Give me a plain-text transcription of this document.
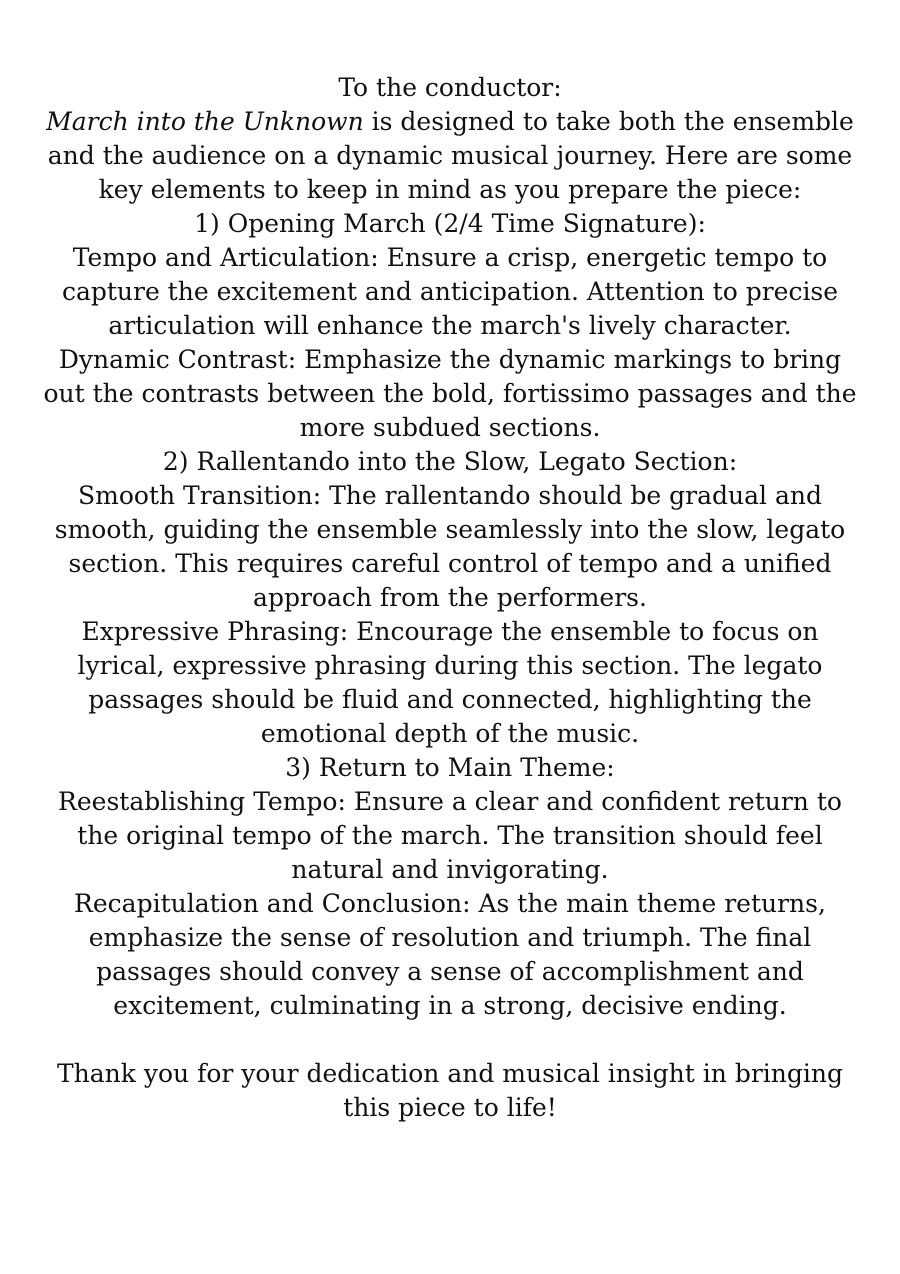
To the conductor:

March into the Unknown is designed to take both the ensemble and the audience on a dynamic musical journey. Here are some key elements to keep in mind as you prepare the piece:

1) Opening March (2/4 Time Signature):

Tempo and Articulation: Ensure a crisp, energetic tempo to capture the excitement and anticipation. Attention to precise articulation will enhance the march's lively character.

Dynamic Contrast: Emphasize the dynamic markings to bring out the contrasts between the bold, fortissimo passages and the more subdued sections.

2) Rallentando into the Slow, Legato Section:

Smooth Transition: The rallentando should be gradual and smooth, guiding the ensemble seamlessly into the slow, legato section. This requires careful control of tempo and a unified approach from the performers.

Expressive Phrasing: Encourage the ensemble to focus on lyrical, expressive phrasing during this section. The legato passages should be fluid and connected, highlighting the emotional depth of the music.

3) Return to Main Theme:

Reestablishing Tempo: Ensure a clear and confident return to the original tempo of the march. The transition should feel natural and invigorating.

Recapitulation and Conclusion: As the main theme returns, emphasize the sense of resolution and triumph. The final passages should convey a sense of accomplishment and excitement, culminating in a strong, decisive ending.

Thank you for your dedication and musical insight in bringing this piece to life!
